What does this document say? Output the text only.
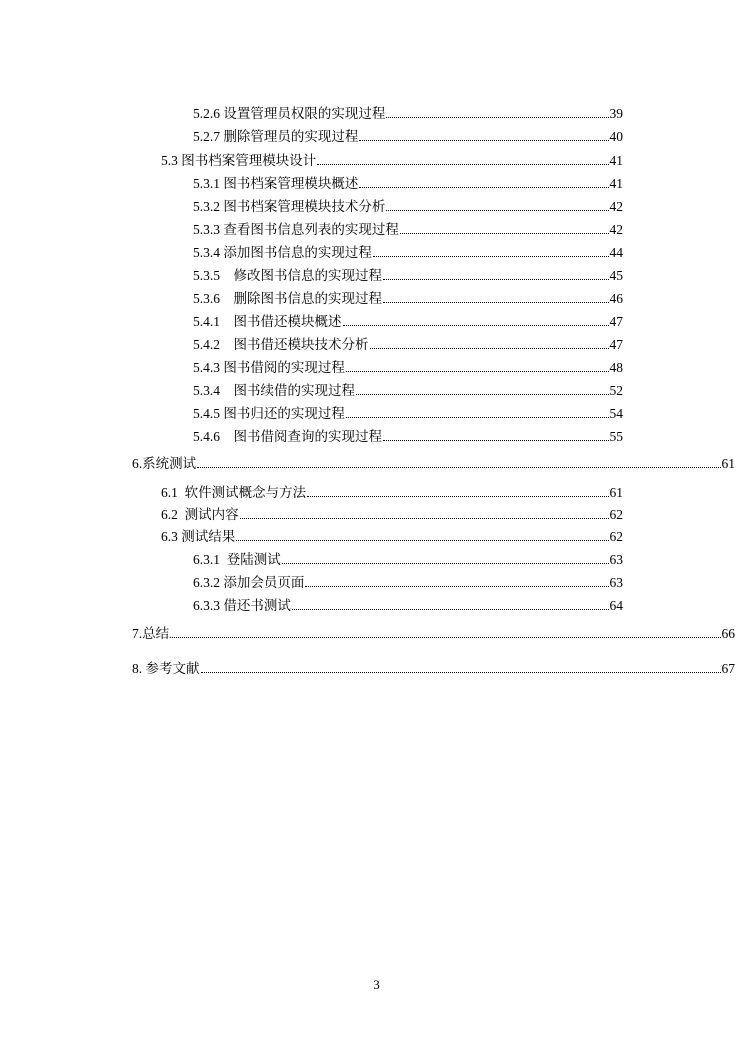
5.2.6 设置管理员权限的实现过程	39
5.2.7 删除管理员的实现过程	40
5.3 图书档案管理模块设计	41
5.3.1 图书档案管理模块概述	41
5.3.2 图书档案管理模块技术分析	42
5.3.3 查看图书信息列表的实现过程	42
5.3.4 添加图书信息的实现过程	44
5.3.5　修改图书信息的实现过程	45
5.3.6　删除图书信息的实现过程	46
5.4.1　图书借还模块概述	47
5.4.2　图书借还模块技术分析	47
5.4.3 图书借阅的实现过程	48
5.3.4　图书续借的实现过程	52
5.4.5 图书归还的实现过程	54
5.4.6　图书借阅查询的实现过程	55
6.系统测试	61
6.1  软件测试概念与方法	61
6.2  测试内容	62
6.3 测试结果	62
6.3.1  登陆测试	63
6.3.2 添加会员页面	63
6.3.3 借还书测试	64
7.总结	66
8. 参考文献	67
3
